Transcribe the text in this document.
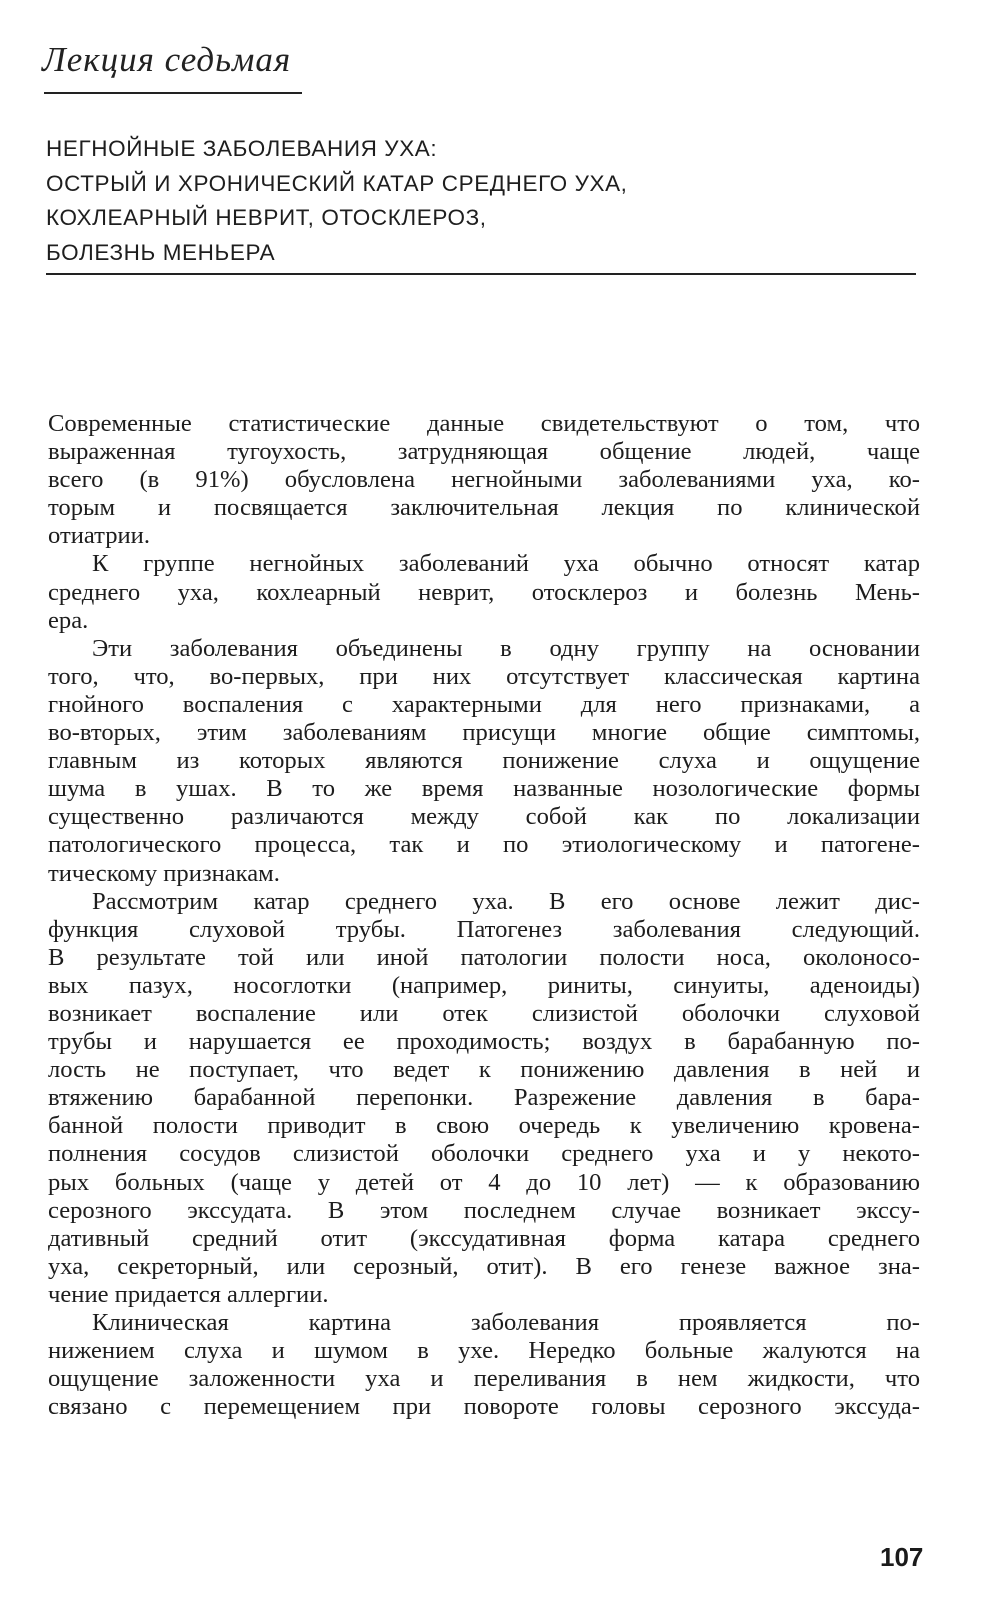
Лекция седьмая
НЕГНОЙНЫЕ ЗАБОЛЕВАНИЯ УХА:
ОСТРЫЙ И ХРОНИЧЕСКИЙ КАТАР СРЕДНЕГО УХА,
КОХЛЕАРНЫЙ НЕВРИТ, ОТОСКЛЕРОЗ,
БОЛЕЗНЬ МЕНЬЕРА
Современные статистические данные свидетельствуют о том, что
выраженная тугоухость, затрудняющая общение людей, чаще
всего (в 91%) обусловлена негнойными заболеваниями уха, ко-
торым и посвящается заключительная лекция по клинической
отиатрии.
К группе негнойных заболеваний уха обычно относят катар
среднего уха, кохлеарный неврит, отосклероз и болезнь Мень-
ера.
Эти заболевания объединены в одну группу на основании
того, что, во-первых, при них отсутствует классическая картина
гнойного воспаления с характерными для него признаками, а
во-вторых, этим заболеваниям присущи многие общие симптомы,
главным из которых являются понижение слуха и ощущение
шума в ушах. В то же время названные нозологические формы
существенно различаются между собой как по локализации
патологического процесса, так и по этиологическому и патогене-
тическому признакам.
Рассмотрим катар среднего уха. В его основе лежит дис-
функция слуховой трубы. Патогенез заболевания следующий.
В результате той или иной патологии полости носа, околоносо-
вых пазух, носоглотки (например, риниты, синуиты, аденоиды)
возникает воспаление или отек слизистой оболочки слуховой
трубы и нарушается ее проходимость; воздух в барабанную по-
лость не поступает, что ведет к понижению давления в ней и
втяжению барабанной перепонки. Разрежение давления в бара-
банной полости приводит в свою очередь к увеличению кровена-
полнения сосудов слизистой оболочки среднего уха и у некото-
рых больных (чаще у детей от 4 до 10 лет) — к образованию
серозного экссудата. В этом последнем случае возникает экссу-
дативный средний отит (экссудативная форма катара среднего
уха, секреторный, или серозный, отит). В его генезе важное зна-
чение придается аллергии.
Клиническая картина заболевания проявляется по-
нижением слуха и шумом в ухе. Нередко больные жалуются на
ощущение заложенности уха и переливания в нем жидкости, что
связано с перемещением при повороте головы серозного экссуда-
107
